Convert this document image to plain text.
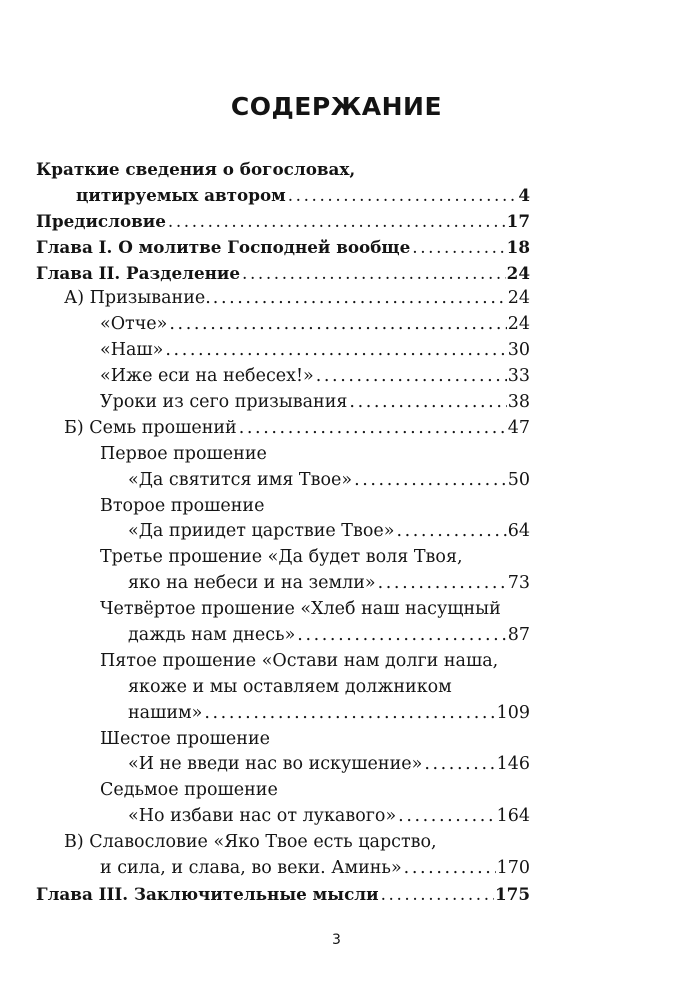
СОДЕРЖАНИЕ
Краткие сведения о богословах,
цитируемых автором .....	4
Предисловие .....	17
Глава I. О молитве Господней вообще .....	18
Глава II. Разделение .....	24
А) Призывание. .....	24
«Отче» .....	24
«Наш» .....	30
«Иже еси на небесех!» .....	33
Уроки из сего призывания .....	38
Б) Семь прошений .....	47
Первое прошение
«Да святится имя Твое» .....	50
Второе прошение
«Да приидет царствие Твое» .....	64
Третье прошение «Да будет воля Твоя,
яко на небеси и на земли» .....	73
Четвёртое прошение «Хлеб наш насущный
даждь нам днесь» .....	87
Пятое прошение «Остави нам долги наша,
якоже и мы оставляем должником
нашим» .....	109
Шестое прошение
«И не введи нас во искушение» .....	146
Седьмое прошение
«Но избави нас от лукавого» .....	164
В) Славословие «Яко Твое есть царство,
и сила, и слава, во веки. Аминь» .....	170
Глава III. Заключительные мысли .....	175
3
